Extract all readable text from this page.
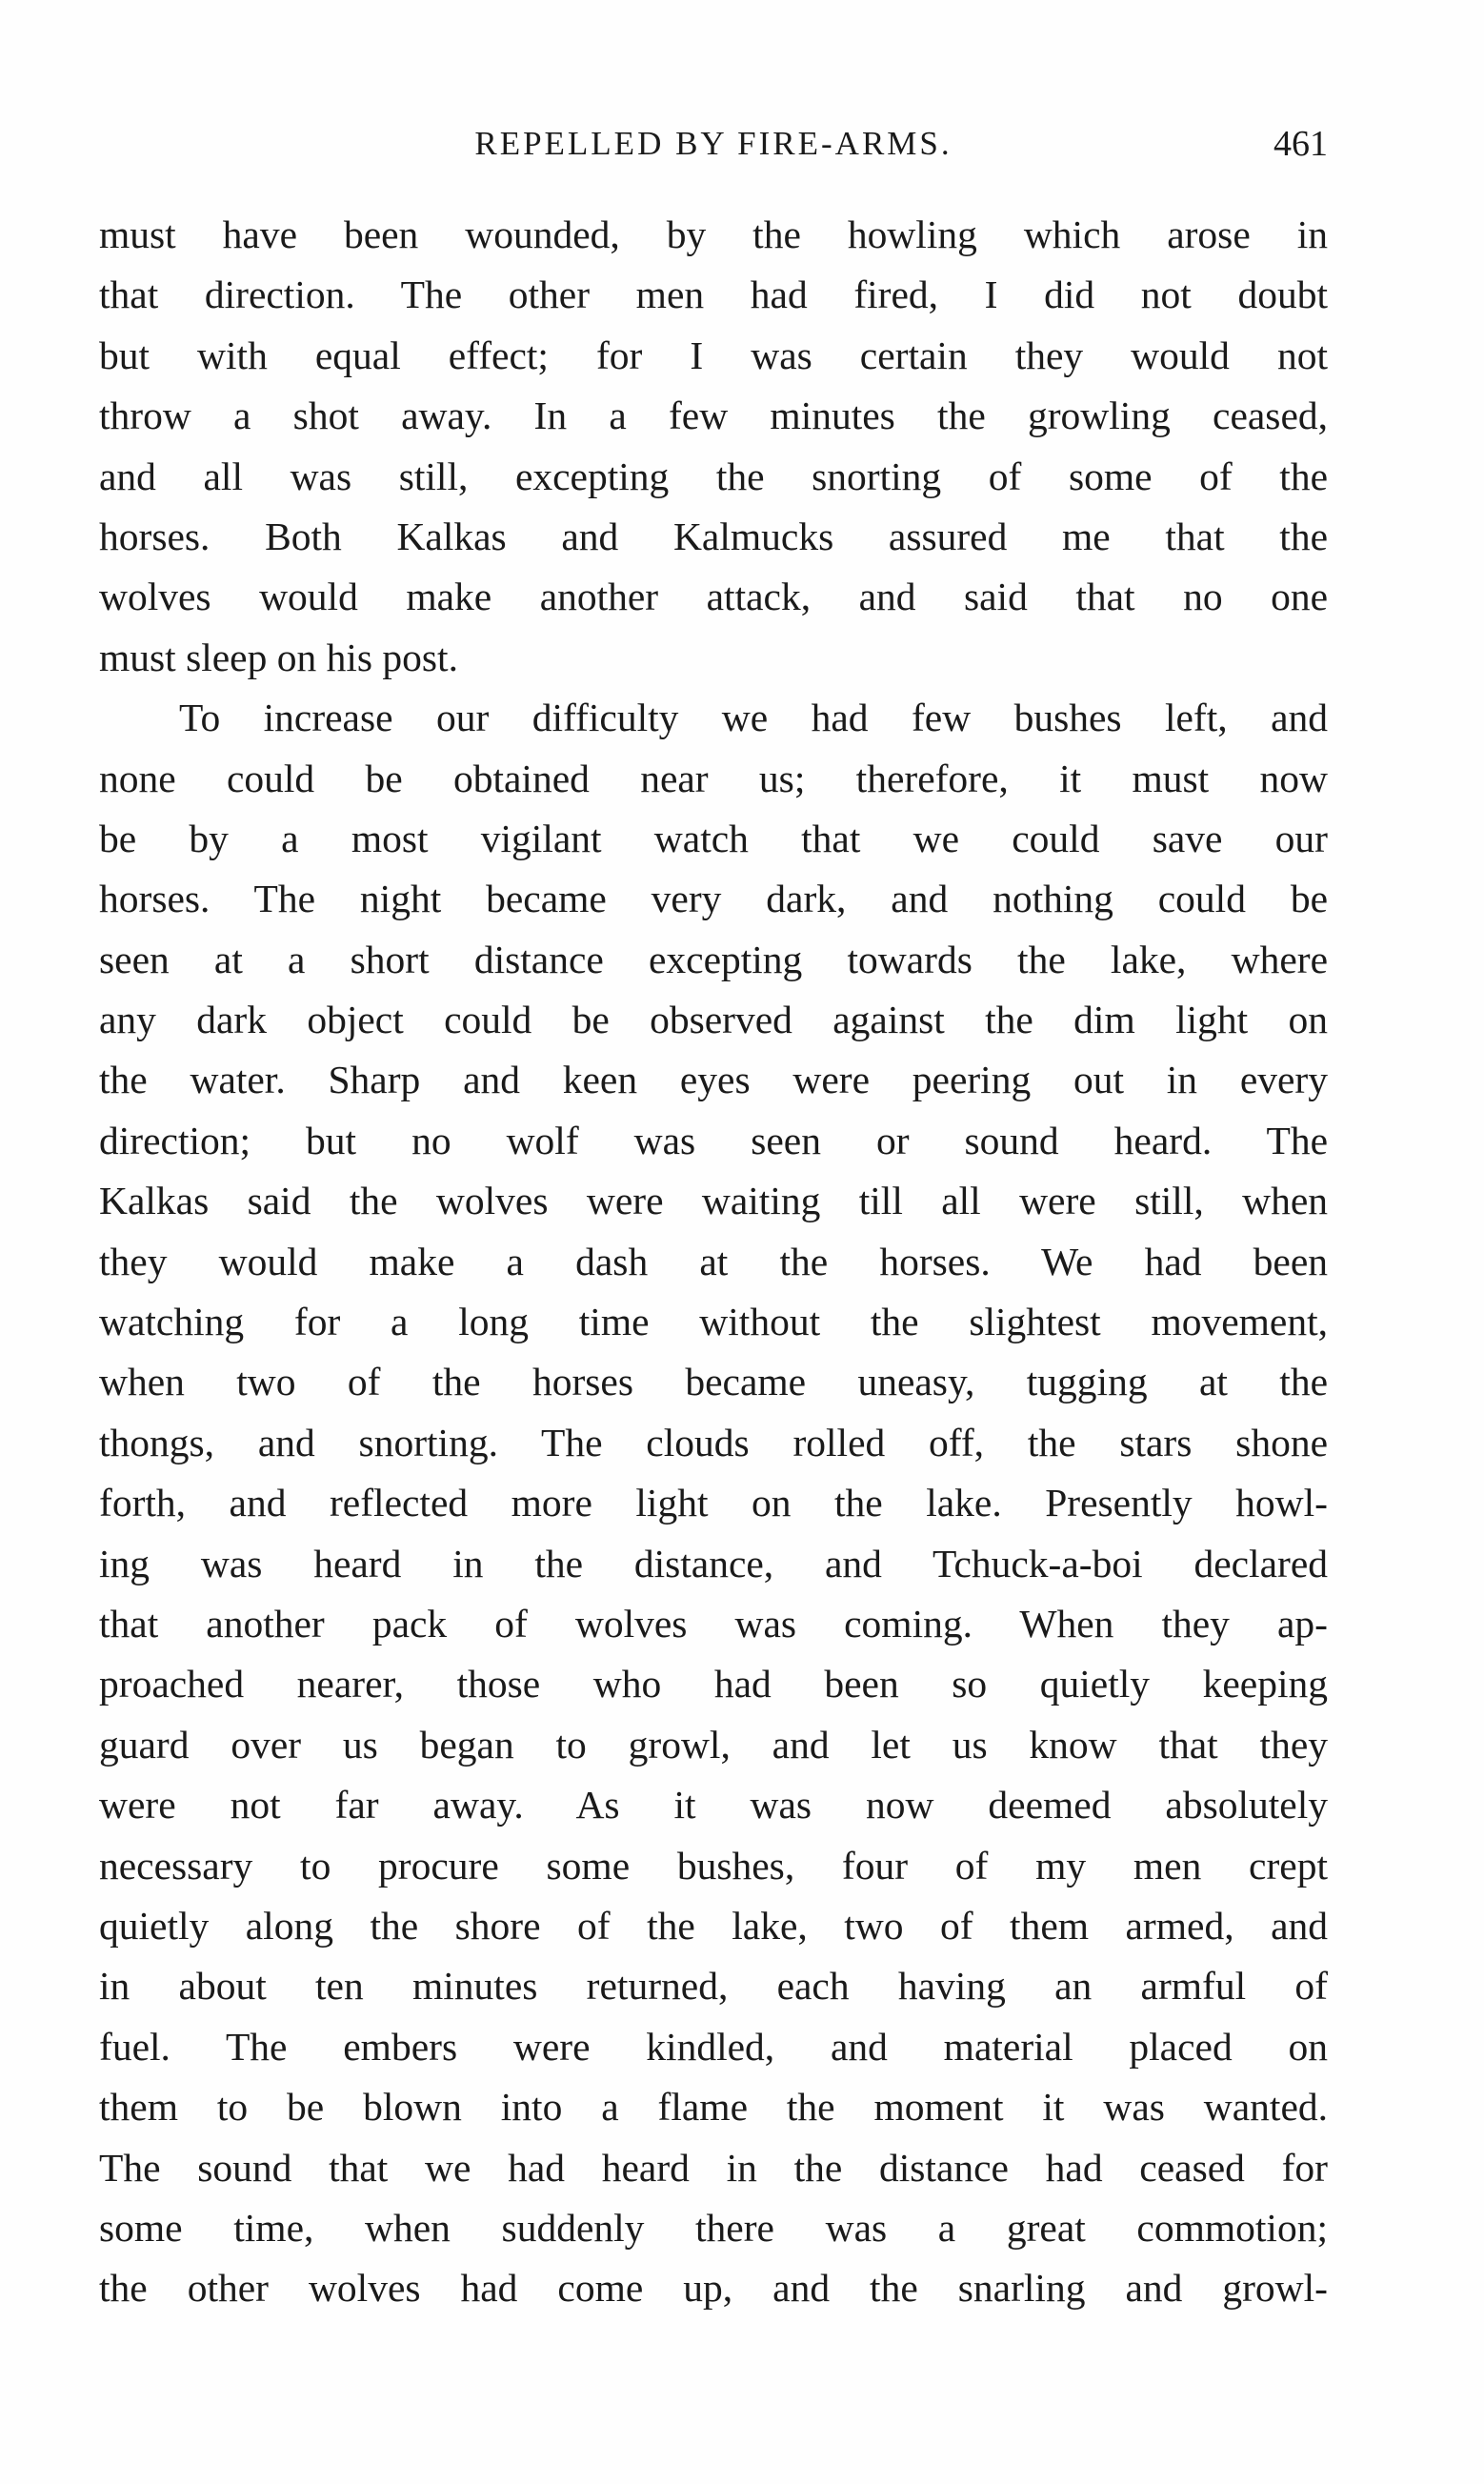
REPELLED BY FIRE-ARMS.	461
must have been wounded, by the howling which arose in
that direction. The other men had fired, I did not doubt
but with equal effect; for I was certain they would not
throw a shot away. In a few minutes the growling ceased,
and all was still, excepting the snorting of some of the
horses. Both Kalkas and Kalmucks assured me that the
wolves would make another attack, and said that no one
must sleep on his post.
To increase our difficulty we had few bushes left, and
none could be obtained near us; therefore, it must now
be by a most vigilant watch that we could save our
horses. The night became very dark, and nothing could be
seen at a short distance excepting towards the lake, where
any dark object could be observed against the dim light on
the water. Sharp and keen eyes were peering out in every
direction; but no wolf was seen or sound heard. The
Kalkas said the wolves were waiting till all were still, when
they would make a dash at the horses. We had been
watching for a long time without the slightest movement,
when two of the horses became uneasy, tugging at the
thongs, and snorting. The clouds rolled off, the stars shone
forth, and reflected more light on the lake. Presently howl-
ing was heard in the distance, and Tchuck-a-boi declared
that another pack of wolves was coming. When they ap-
proached nearer, those who had been so quietly keeping
guard over us began to growl, and let us know that they
were not far away. As it was now deemed absolutely
necessary to procure some bushes, four of my men crept
quietly along the shore of the lake, two of them armed, and
in about ten minutes returned, each having an armful of
fuel. The embers were kindled, and material placed on
them to be blown into a flame the moment it was wanted.
The sound that we had heard in the distance had ceased for
some time, when suddenly there was a great commotion;
the other wolves had come up, and the snarling and growl-
